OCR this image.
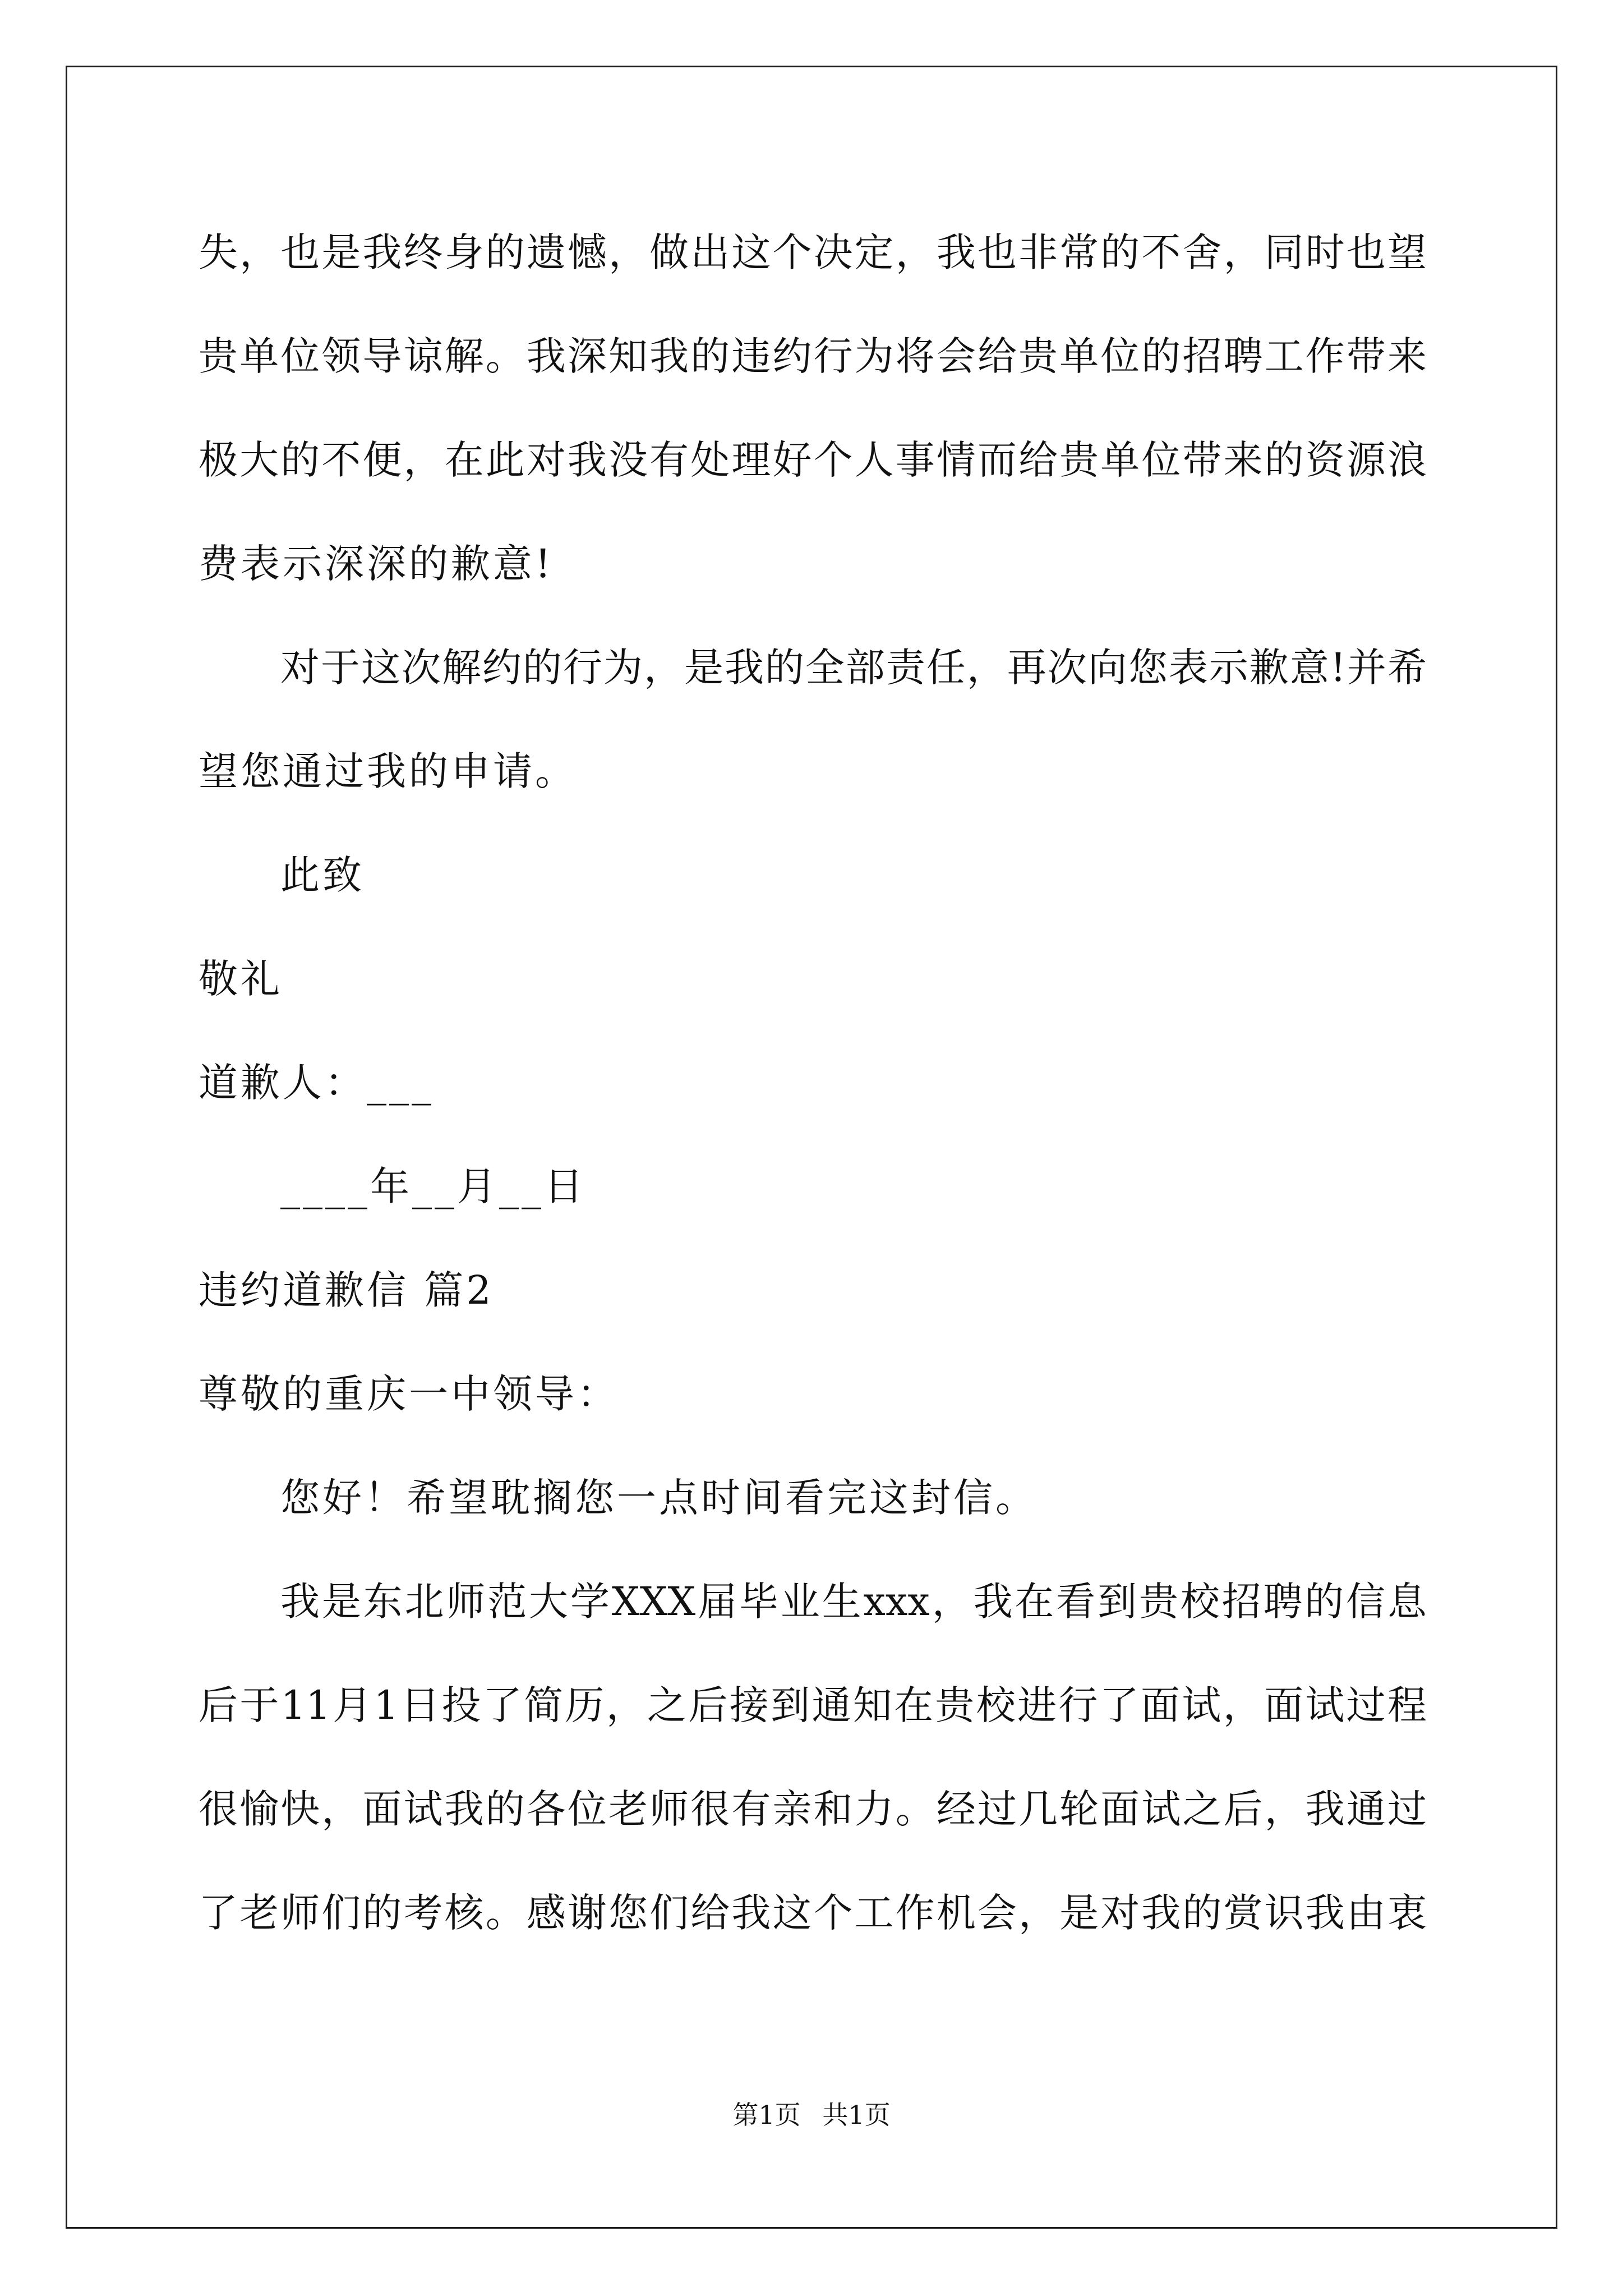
失，也是我终身的遗憾，做出这个决定，我也非常的不舍，同时也望
贵单位领导谅解。我深知我的违约行为将会给贵单位的招聘工作带来
极大的不便，在此对我没有处理好个人事情而给贵单位带来的资源浪
费表示深深的歉意!
对于这次解约的行为，是我的全部责任，再次向您表示歉意!并希
望您通过我的申请。
此致
敬礼
道歉人：___
____年__月__日
违约道歉信 篇2
尊敬的重庆一中领导：
您好！希望耽搁您一点时间看完这封信。
我是东北师范大学XXX届毕业生xxx，我在看到贵校招聘的信息
后于11月1日投了简历，之后接到通知在贵校进行了面试，面试过程
很愉快，面试我的各位老师很有亲和力。经过几轮面试之后，我通过
了老师们的考核。感谢您们给我这个工作机会，是对我的赏识我由衷
第1页 共1页
